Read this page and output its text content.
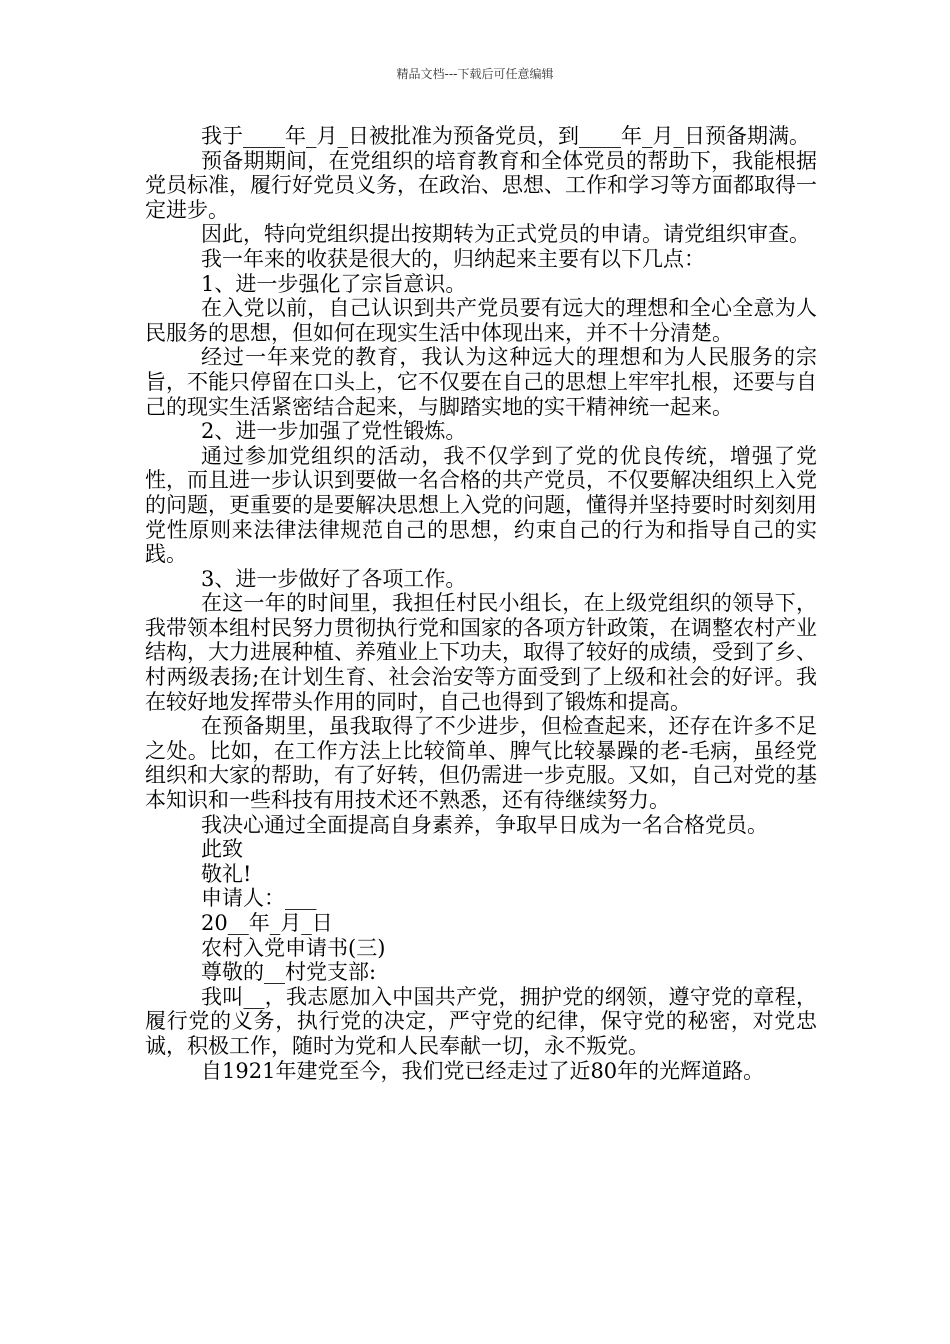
精品文档---下载后可任意编辑

我于____年_月_日被批准为预备党员，到____年_月_日预备期满。

预备期期间，在党组织的培育教育和全体党员的帮助下，我能根据党员标准，履行好党员义务，在政治、思想、工作和学习等方面都取得一定进步。

因此，特向党组织提出按期转为正式党员的申请。请党组织审查。

我一年来的收获是很大的，归纳起来主要有以下几点：

1、进一步强化了宗旨意识。

在入党以前，自己认识到共产党员要有远大的理想和全心全意为人民服务的思想，但如何在现实生活中体现出来，并不十分清楚。

经过一年来党的教育，我认为这种远大的理想和为人民服务的宗旨，不能只停留在口头上，它不仅要在自己的思想上牢牢扎根，还要与自己的现实生活紧密结合起来，与脚踏实地的实干精神统一起来。

2、进一步加强了党性锻炼。

通过参加党组织的活动，我不仅学到了党的优良传统，增强了党性，而且进一步认识到要做一名合格的共产党员，不仅要解决组织上入党的问题，更重要的是要解决思想上入党的问题，懂得并坚持要时时刻刻用党性原则来法律法律规范自己的思想，约束自己的行为和指导自己的实践。

3、进一步做好了各项工作。

在这一年的时间里，我担任村民小组长，在上级党组织的领导下，我带领本组村民努力贯彻执行党和国家的各项方针政策，在调整农村产业结构，大力进展种植、养殖业上下功夫，取得了较好的成绩，受到了乡、村两级表扬;在计划生育、社会治安等方面受到了上级和社会的好评。我在较好地发挥带头作用的同时，自己也得到了锻炼和提高。

在预备期里，虽我取得了不少进步，但检查起来，还存在许多不足之处。比如，在工作方法上比较简单、脾气比较暴躁的老-毛病，虽经党组织和大家的帮助，有了好转，但仍需进一步克服。又如，自己对党的基本知识和一些科技有用技术还不熟悉，还有待继续努力。

我决心通过全面提高自身素养，争取早日成为一名合格党员。

此致

敬礼!

申请人：___

20__年_月_日

农村入党申请书(三)

尊敬的__村党支部:

我叫__，我志愿加入中国共产党，拥护党的纲领，遵守党的章程，履行党的义务，执行党的决定，严守党的纪律，保守党的秘密，对党忠诚，积极工作，随时为党和人民奉献一切，永不叛党。

自1921年建党至今，我们党已经走过了近80年的光辉道路。
